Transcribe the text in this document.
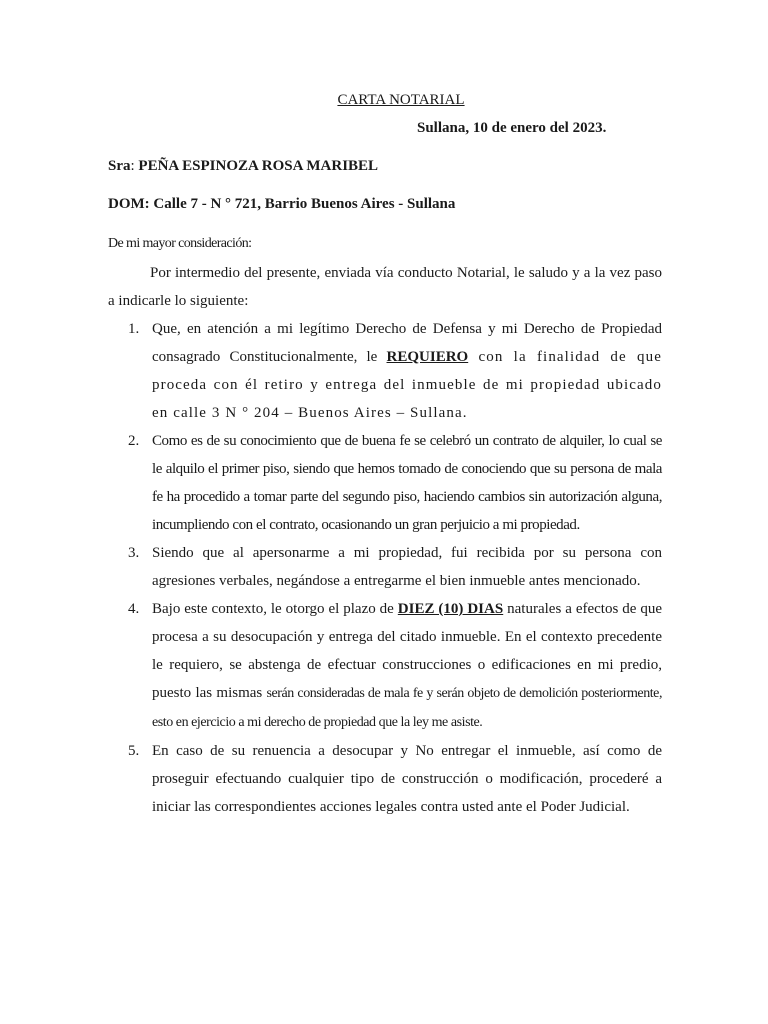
CARTA NOTARIAL
Sullana, 10 de enero del 2023.
Sra: PEÑA ESPINOZA ROSA MARIBEL
DOM: Calle 7 - N ° 721, Barrio Buenos Aires - Sullana
De mi mayor consideración:
Por intermedio del presente, enviada vía conducto Notarial, le saludo y a la vez paso a indicarle lo siguiente:
1. Que, en atención a mi legítimo Derecho de Defensa y mi Derecho de Propiedad consagrado Constitucionalmente, le REQUIERO con la finalidad de que proceda con él retiro y entrega del inmueble de mi propiedad ubicado en calle 3 N ° 204 – Buenos Aires – Sullana.
2. Como es de su conocimiento que de buena fe se celebró un contrato de alquiler, lo cual se le alquilo el primer piso, siendo que hemos tomado de conociendo que su persona de mala fe ha procedido a tomar parte del segundo piso, haciendo cambios sin autorización alguna, incumpliendo con el contrato, ocasionando un gran perjuicio a mi propiedad.
3. Siendo que al apersonarme a mi propiedad, fui recibida por su persona con agresiones verbales, negándose a entregarme el bien inmueble antes mencionado.
4. Bajo este contexto, le otorgo el plazo de DIEZ (10) DIAS naturales a efectos de que procesa a su desocupación y entrega del citado inmueble. En el contexto precedente le requiero, se abstenga de efectuar construcciones o edificaciones en mi predio, puesto las mismas serán consideradas de mala fe y serán objeto de demolición posteriormente, esto en ejercicio a mi derecho de propiedad que la ley me asiste.
5. En caso de su renuencia a desocupar y No entregar el inmueble, así como de proseguir efectuando cualquier tipo de construcción o modificación, procederé a iniciar las correspondientes acciones legales contra usted ante el Poder Judicial.
